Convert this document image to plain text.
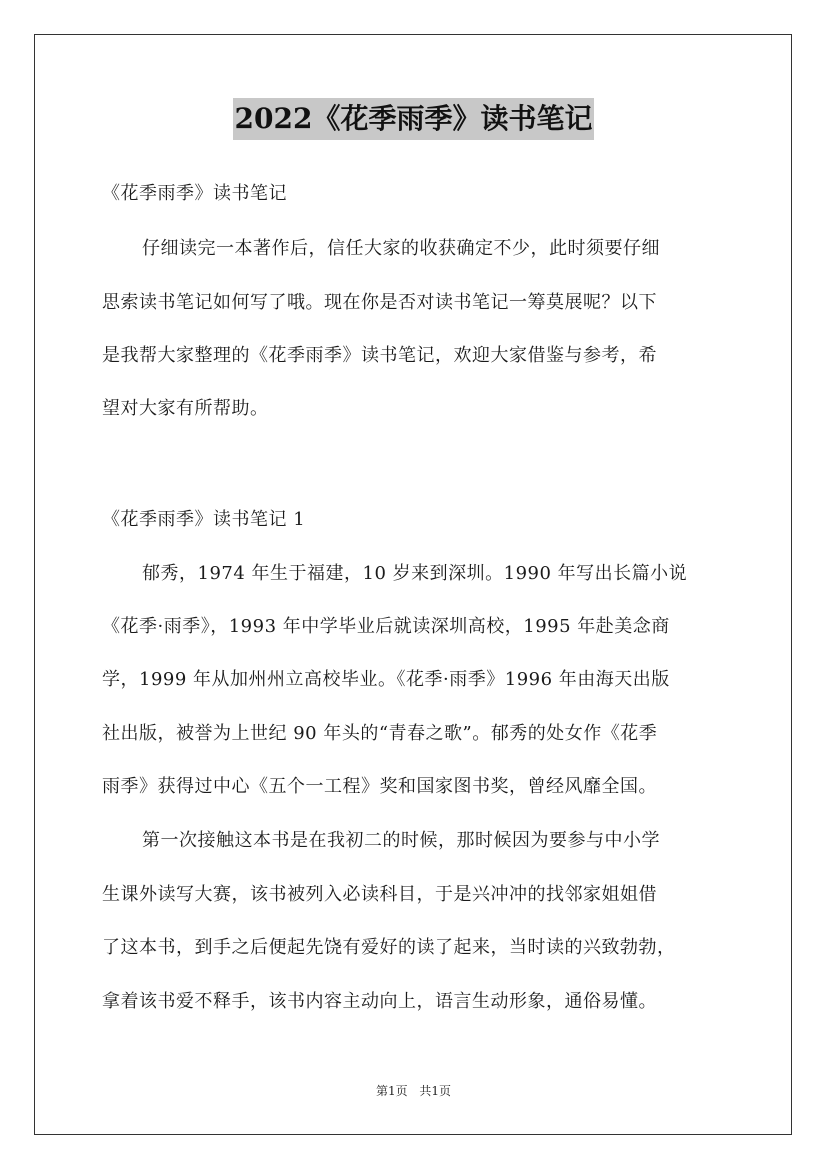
2022《花季雨季》读书笔记
《花季雨季》读书笔记
仔细读完一本著作后，信任大家的收获确定不少，此时须要仔细
思索读书笔记如何写了哦。现在你是否对读书笔记一筹莫展呢？以下
是我帮大家整理的《花季雨季》读书笔记，欢迎大家借鉴与参考，希
望对大家有所帮助。
《花季雨季》读书笔记 1
郁秀，1974 年生于福建，10 岁来到深圳。1990 年写出长篇小说
《花季·雨季》，1993 年中学毕业后就读深圳高校，1995 年赴美念商
学，1999 年从加州州立高校毕业。《花季·雨季》1996 年由海天出版
社出版，被誉为上世纪 90 年头的“青春之歌”。郁秀的处女作《花季
雨季》获得过中心《五个一工程》奖和国家图书奖，曾经风靡全国。
第一次接触这本书是在我初二的时候，那时候因为要参与中小学
生课外读写大赛，该书被列入必读科目，于是兴冲冲的找邻家姐姐借
了这本书，到手之后便起先饶有爱好的读了起来，当时读的兴致勃勃，
拿着该书爱不释手，该书内容主动向上，语言生动形象，通俗易懂。
第1页 共1页
